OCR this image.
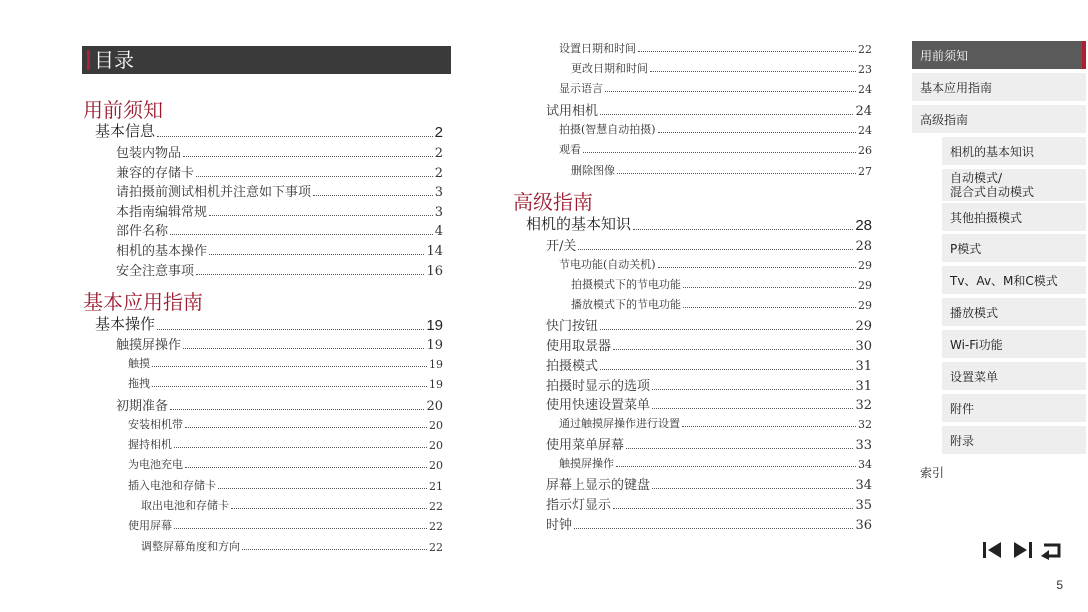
目录
用前须知
基本信息	2
包装内物品	2
兼容的存储卡	2
请拍摄前测试相机并注意如下事项	3
本指南编辑常规	3
部件名称	4
相机的基本操作	14
安全注意事项	16
基本应用指南
基本操作	19
触摸屏操作	19
触摸	19
拖拽	19
初期准备	20
安装相机带	20
握持相机	20
为电池充电	20
插入电池和存储卡	21
取出电池和存储卡	22
使用屏幕	22
调整屏幕角度和方向	22
设置日期和时间	22
更改日期和时间	23
显示语言	24
试用相机	24
拍摄(智慧自动拍摄)	24
观看	26
删除图像	27
高级指南
相机的基本知识	28
开/关	28
节电功能(自动关机)	29
拍摄模式下的节电功能	29
播放模式下的节电功能	29
快门按钮	29
使用取景器	30
拍摄模式	31
拍摄时显示的选项	31
使用快速设置菜单	32
通过触摸屏操作进行设置	32
使用菜单屏幕	33
触摸屏操作	34
屏幕上显示的键盘	34
指示灯显示	35
时钟	36
用前须知
基本应用指南
高级指南
相机的基本知识
自动模式/
混合式自动模式
其他拍摄模式
P模式
Tv、Av、M和C模式
播放模式
Wi-Fi功能
设置菜单
附件
附录
索引
5
